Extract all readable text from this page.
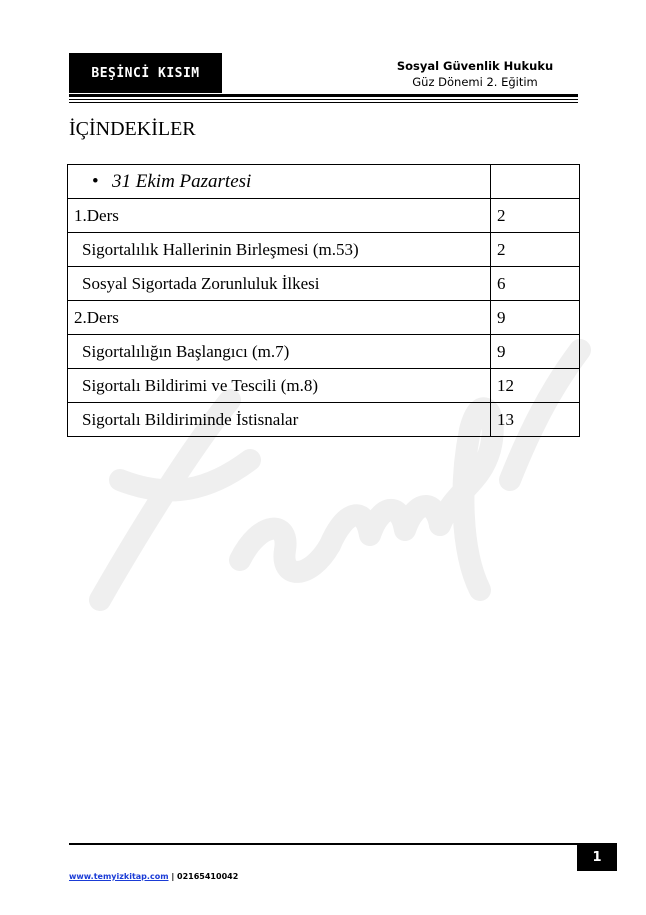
BEŞİNCİ KISIM	Sosyal Güvenlik Hukuku
Güz Dönemi 2. Eğitim
İÇİNDEKİLER
• 31 Ekim Pazartesi	
1.Ders	2
Sigortalılık Hallerinin Birleşmesi (m.53)	2
Sosyal Sigortada Zorunluluk İlkesi	6
2.Ders	9
Sigortalılığın Başlangıcı (m.7)	9
Sigortalı Bildirimi ve Tescili (m.8)	12
Sigortalı Bildiriminde İstisnalar	13
1
www.temyizkitap.com | 02165410042
